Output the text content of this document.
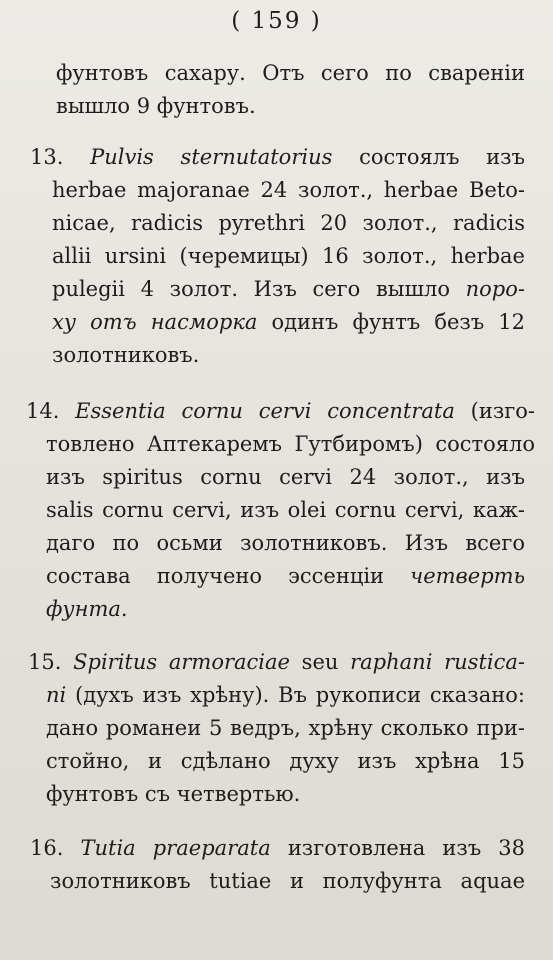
( 159 )
фунтовъ сахару. Отъ сего по свареніи
вышло 9 фунтовъ.
13. Pulvis sternutatorius состоялъ изъ
herbae majoranae 24 золот., herbae Beto-
nicae, radicis pyrethri 20 золот., radicis
allii ursini (черемицы) 16 золот., herbae
pulegii 4 золот. Изъ сего вышло поро-
ху отъ насморка одинъ фунтъ безъ 12
золотниковъ.
14. Essentia cornu cervi concentrata (изго-
товлено Аптекаремъ Гутбиромъ) состояло
изъ spiritus cornu cervi 24 золот., изъ
salis cornu cervi, изъ olei cornu cervi, каж-
даго по осьми золотниковъ. Изъ всего
состава получено эссенціи четверть
фунта.
15. Spiritus armoraciae seu raphani rustica-
ni (духъ изъ хрѣну). Въ рукописи сказано:
дано романеи 5 ведръ, хрѣну сколько при-
стойно, и сдѣлано духу изъ хрѣна 15
фунтовъ съ четвертью.
16. Tutia praeparata изготовлена изъ 38
золотниковъ tutiae и полуфунта aquae
